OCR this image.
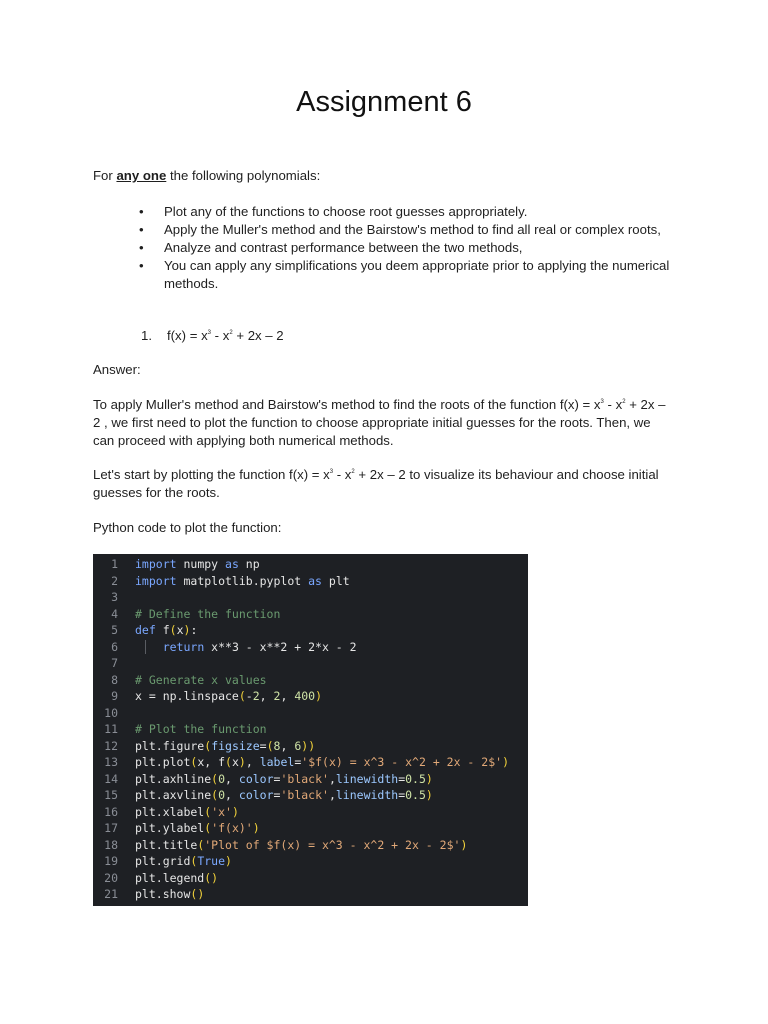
Assignment 6
For any one the following polynomials:
• Plot any of the functions to choose root guesses appropriately.
• Apply the Muller's method and the Bairstow's method to find all real or complex roots,
• Analyze and contrast performance between the two methods,
• You can apply any simplifications you deem appropriate prior to applying the numerical methods.
1. $f(x) = x^3 - x^2 + 2x - 2$
Answer:
To apply Muller's method and Bairstow's method to find the roots of the function $f(x) = x^3 - x^2 + 2x - 2$ , we first need to plot the function to choose appropriate initial guesses for the roots. Then, we can proceed with applying both numerical methods.
Let's start by plotting the function $f(x) = x^3 - x^2 + 2x - 2$ to visualize its behaviour and choose initial guesses for the roots.
Python code to plot the function:
1 import numpy as np
2 import matplotlib.pyplot as plt
3
4 # Define the function
5 def f(x):
6	return x**3 - x**2 + 2*x - 2
7
8 # Generate x values
9 x = np.linspace(-2, 2, 400)
10
11 # Plot the function
12 plt.figure(figsize=(8, 6))
13 plt.plot(x, f(x), label='$f(x) = x^3 - x^2 + 2x - 2$')
14 plt.axhline(0, color='black',linewidth=0.5)
15 plt.axvline(0, color='black',linewidth=0.5)
16 plt.xlabel('x')
17 plt.ylabel('f(x)')
18 plt.title('Plot of $f(x) = x^3 - x^2 + 2x - 2$')
19 plt.grid(True)
20 plt.legend()
21 plt.show()
